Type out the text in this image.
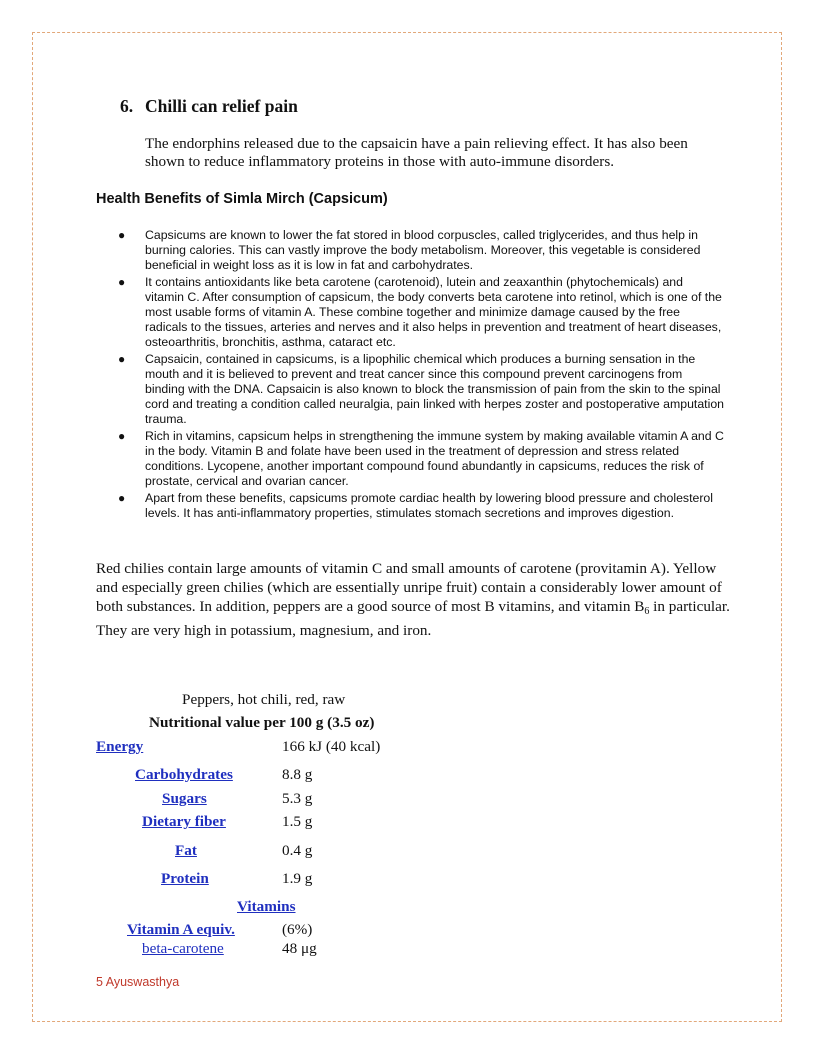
6. Chilli can relief pain
The endorphins released due to the capsaicin have a pain relieving effect. It has also been shown to reduce inflammatory proteins in those with auto-immune disorders.
Health Benefits of Simla Mirch (Capsicum)
● Capsicums are known to lower the fat stored in blood corpuscles, called triglycerides, and thus help in burning calories. This can vastly improve the body metabolism. Moreover, this vegetable is considered beneficial in weight loss as it is low in fat and carbohydrates.
● It contains antioxidants like beta carotene (carotenoid), lutein and zeaxanthin (phytochemicals) and vitamin C. After consumption of capsicum, the body converts beta carotene into retinol, which is one of the most usable forms of vitamin A. These combine together and minimize damage caused by the free radicals to the tissues, arteries and nerves and it also helps in prevention and treatment of heart diseases, osteoarthritis, bronchitis, asthma, cataract etc.
● Capsaicin, contained in capsicums, is a lipophilic chemical which produces a burning sensation in the mouth and it is believed to prevent and treat cancer since this compound prevent carcinogens from binding with the DNA. Capsaicin is also known to block the transmission of pain from the skin to the spinal cord and treating a condition called neuralgia, pain linked with herpes zoster and postoperative amputation trauma.
● Rich in vitamins, capsicum helps in strengthening the immune system by making available vitamin A and C in the body. Vitamin B and folate have been used in the treatment of depression and stress related conditions. Lycopene, another important compound found abundantly in capsicums, reduces the risk of prostate, cervical and ovarian cancer.
● Apart from these benefits, capsicums promote cardiac health by lowering blood pressure and cholesterol levels. It has anti-inflammatory properties, stimulates stomach secretions and improves digestion.
Red chilies contain large amounts of vitamin C and small amounts of carotene (provitamin A). Yellow and especially green chilies (which are essentially unripe fruit) contain a considerably lower amount of both substances. In addition, peppers are a good source of most B vitamins, and vitamin $B_6$ in particular. They are very high in potassium, magnesium, and iron.
Peppers, hot chili, red, raw
Nutritional value per 100 g (3.5 oz)
Energy	166 kJ (40 kcal)
Carbohydrates	8.8 g
Sugars	5.3 g
Dietary fiber	1.5 g
Fat	0.4 g
Protein	1.9 g
Vitamins
Vitamin A equiv.	(6%)
beta-carotene	48 μg
5 Ayuswasthya
